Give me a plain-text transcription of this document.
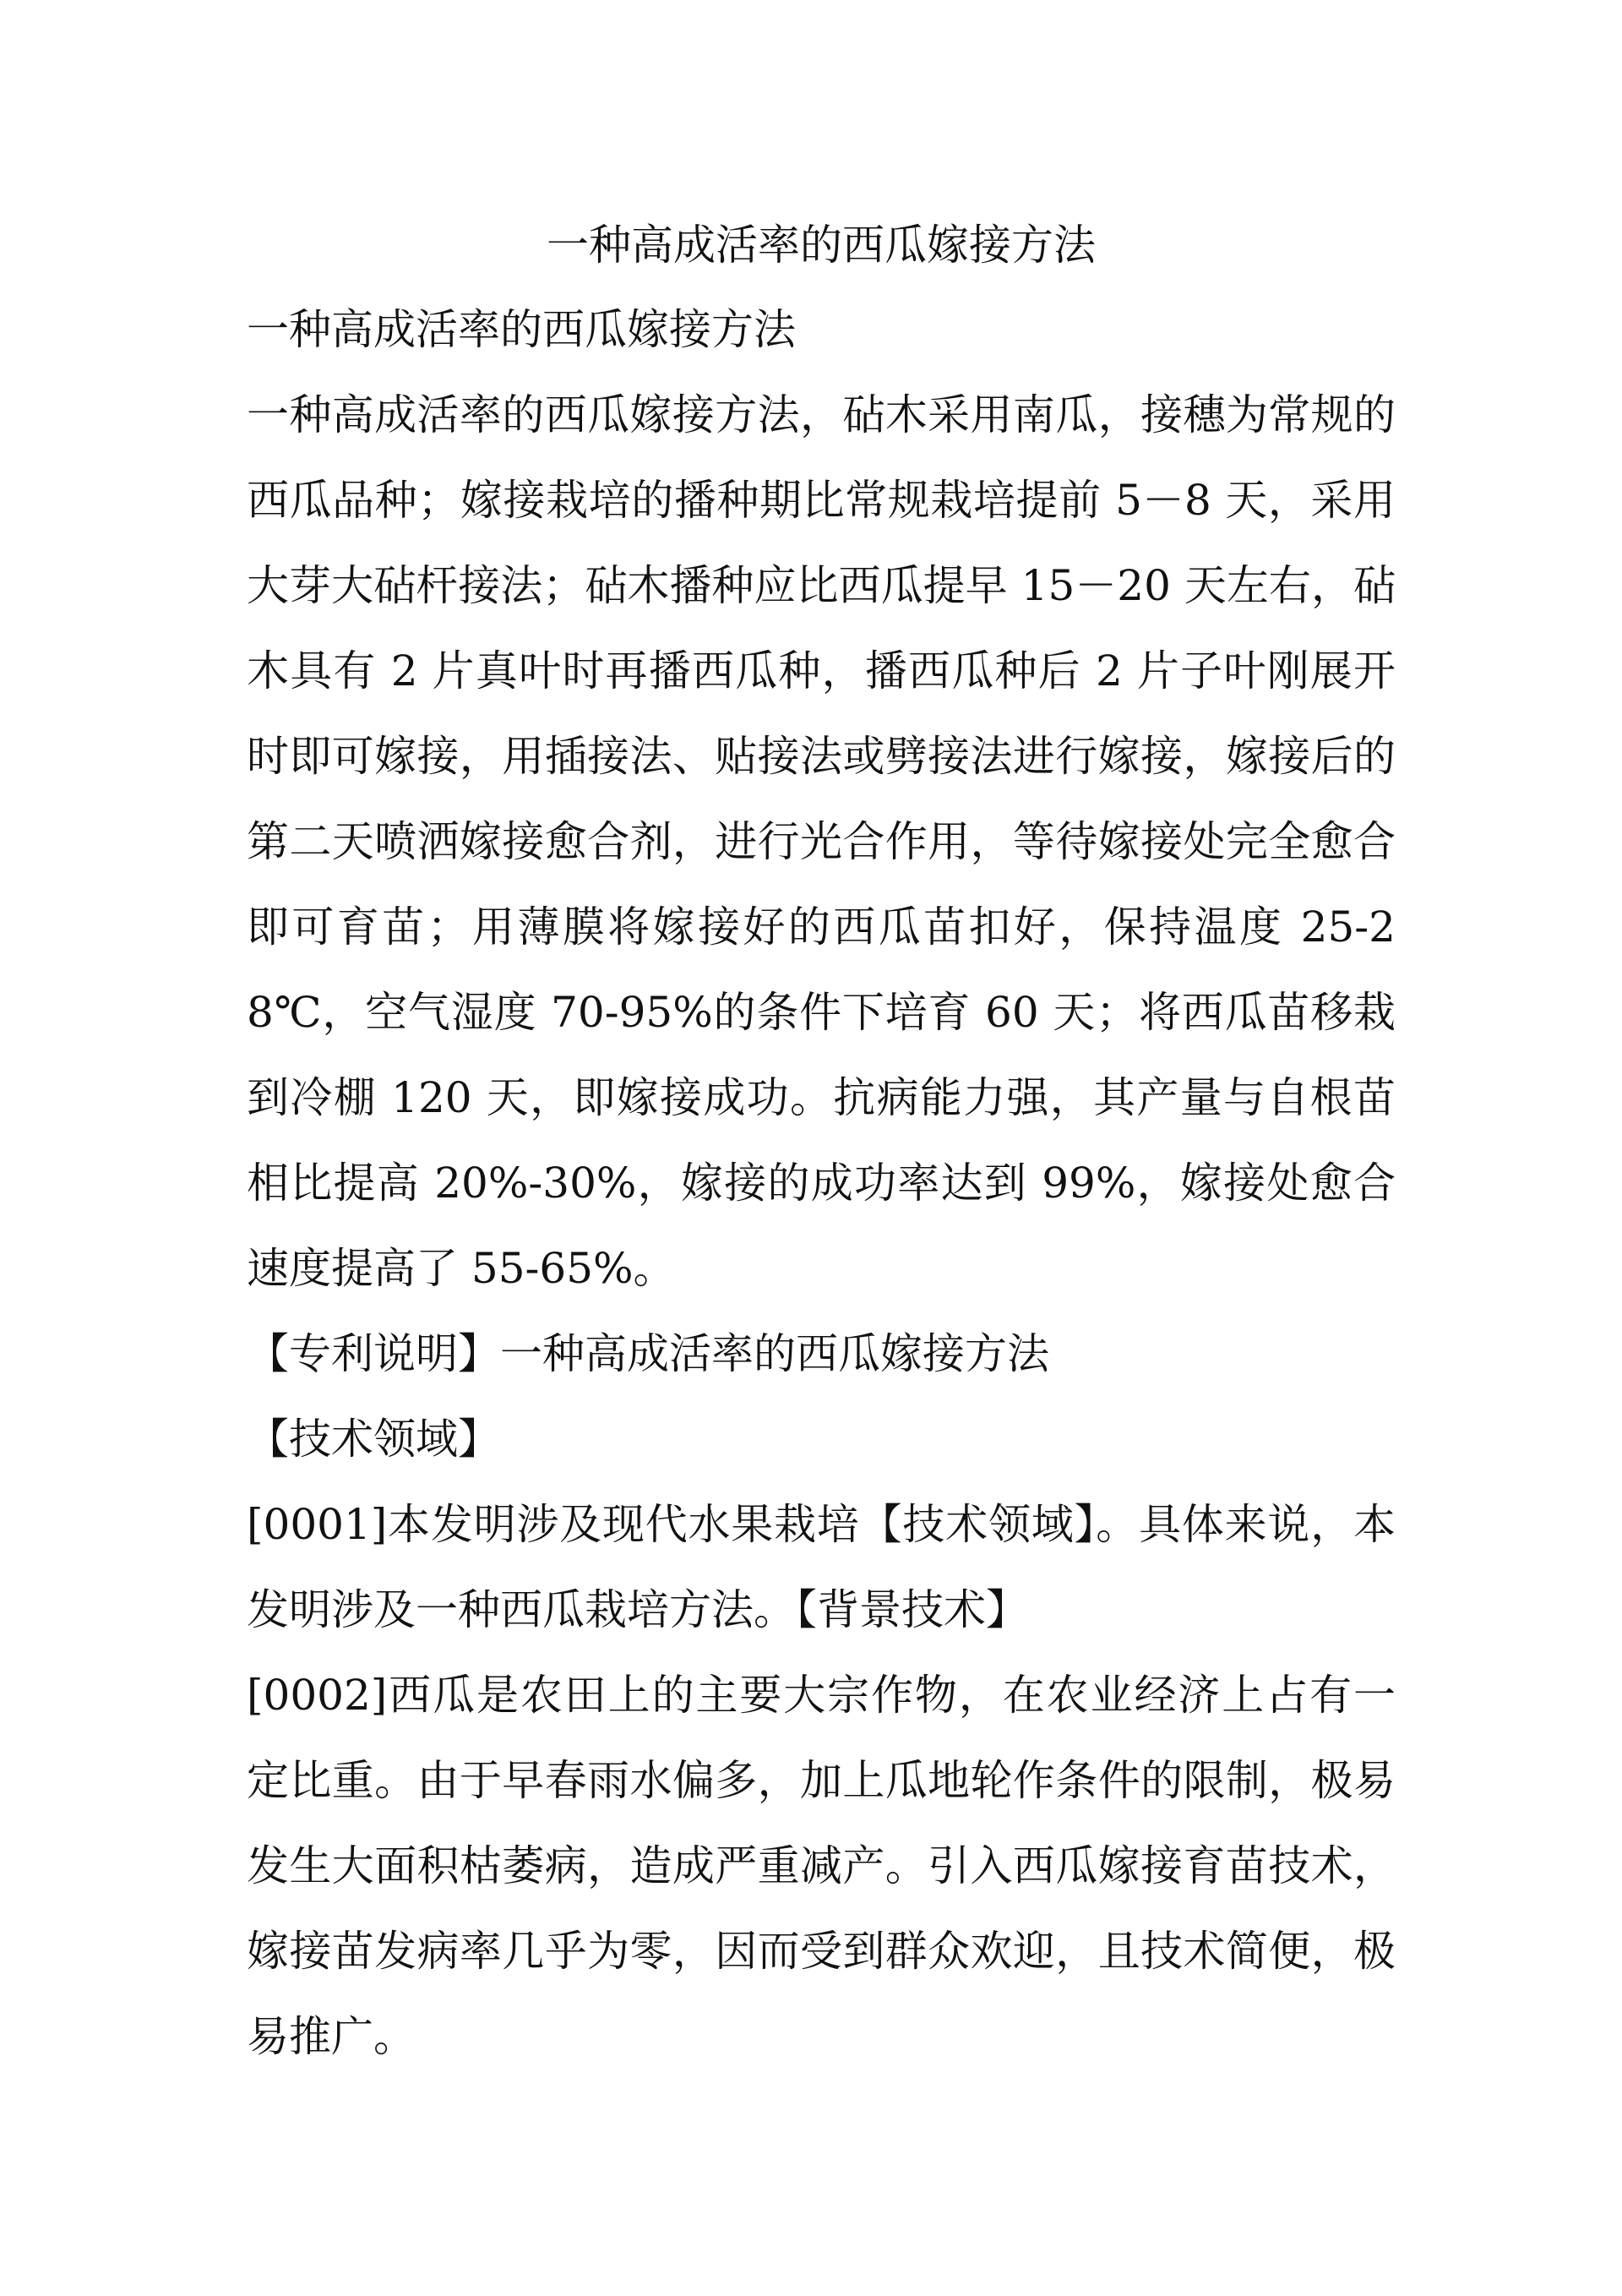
一种高成活率的西瓜嫁接方法

一种高成活率的西瓜嫁接方法

一种高成活率的西瓜嫁接方法，砧木采用南瓜，接穗为常规的西瓜品种；嫁接栽培的播种期比常规栽培提前 5－8 天，采用大芽大砧杆接法；砧木播种应比西瓜提早 15－20 天左右，砧木具有 2 片真叶时再播西瓜种，播西瓜种后 2 片子叶刚展开时即可嫁接，用插接法、贴接法或劈接法进行嫁接，嫁接后的第二天喷洒嫁接愈合剂，进行光合作用，等待嫁接处完全愈合即可育苗；用薄膜将嫁接好的西瓜苗扣好，保持温度 25-28℃，空气湿度 70-95%的条件下培育 60 天；将西瓜苗移栽到冷棚 120 天，即嫁接成功。抗病能力强，其产量与自根苗相比提高 20%-30%，嫁接的成功率达到 99%，嫁接处愈合速度提高了 55-65%。

【专利说明】一种高成活率的西瓜嫁接方法

【技术领域】

[0001]本发明涉及现代水果栽培【技术领域】。具体来说，本发明涉及一种西瓜栽培方法。【背景技术】

[0002]西瓜是农田上的主要大宗作物，在农业经济上占有一定比重。由于早春雨水偏多，加上瓜地轮作条件的限制，极易发生大面积枯萎病，造成严重减产。引入西瓜嫁接育苗技术，嫁接苗发病率几乎为零，因而受到群众欢迎，且技术简便，极易推广。
